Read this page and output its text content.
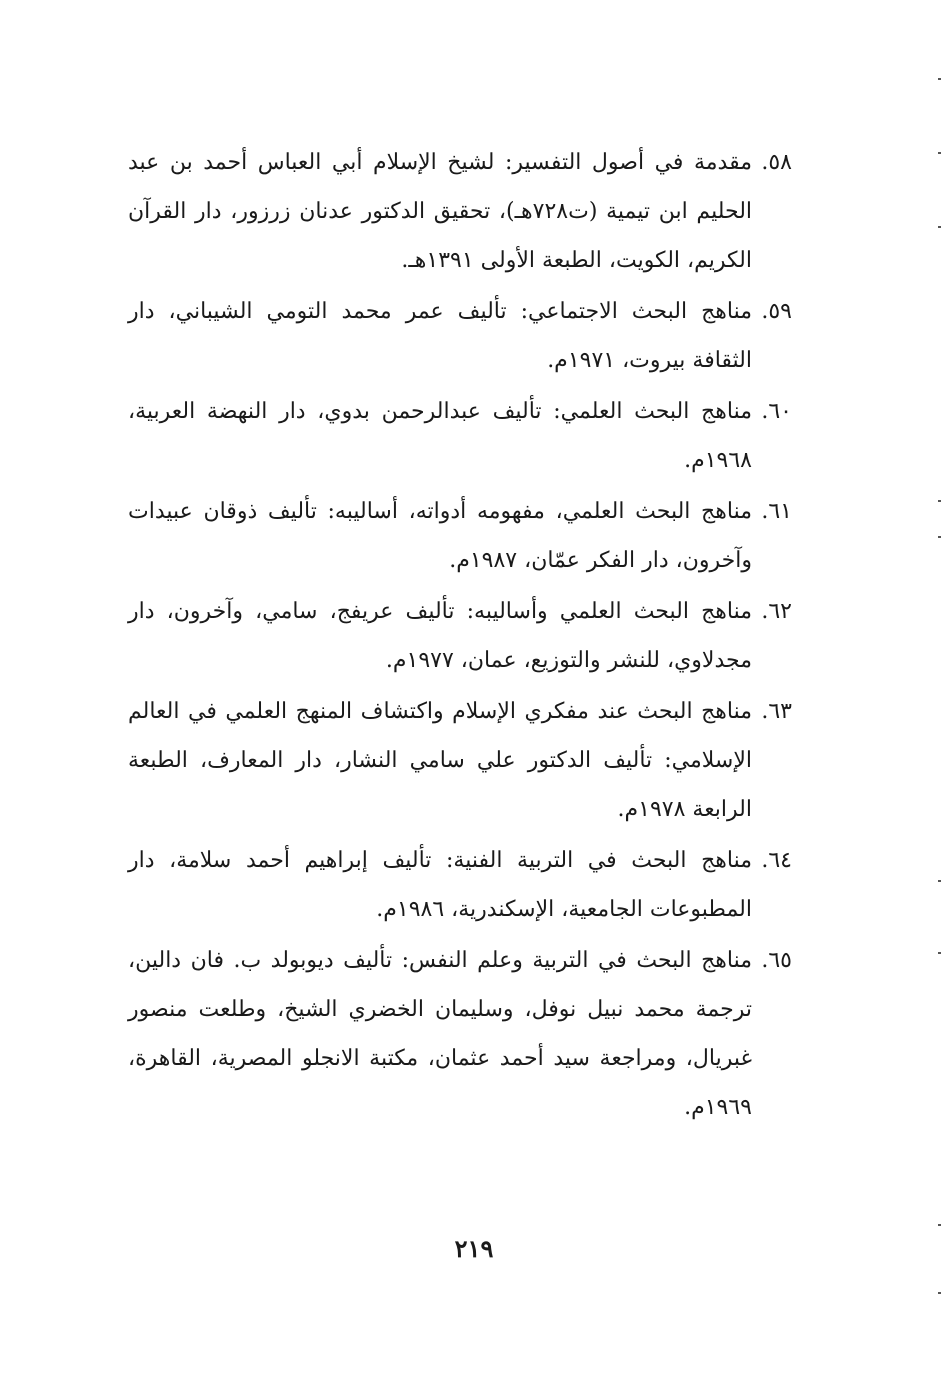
٥٨.
مقدمة في أصول التفسير: لشيخ الإسلام أبي العباس أحمد بن عبد الحليم ابن تيمية (ت٧٢٨هـ)، تحقيق الدكتور عدنان زرزور، دار القرآن الكريم، الكويت، الطبعة الأولى ١٣٩١هـ.
٥٩.
مناهج البحث الاجتماعي: تأليف عمر محمد التومي الشيباني، دار الثقافة بيروت، ١٩٧١م.
٦٠.
مناهج البحث العلمي: تأليف عبدالرحمن بدوي، دار النهضة العربية، ١٩٦٨م.
٦١.
مناهج البحث العلمي، مفهومه أدواته، أساليبه: تأليف ذوقان عبيدات وآخرون، دار الفكر عمّان، ١٩٨٧م.
٦٢.
مناهج البحث العلمي وأساليبه: تأليف عريفج، سامي، وآخرون، دار مجدلاوي، للنشر والتوزيع، عمان، ١٩٧٧م.
٦٣.
مناهج البحث عند مفكري الإسلام واكتشاف المنهج العلمي في العالم الإسلامي: تأليف الدكتور علي سامي النشار، دار المعارف، الطبعة الرابعة ١٩٧٨م.
٦٤.
مناهج البحث في التربية الفنية: تأليف إبراهيم أحمد سلامة، دار المطبوعات الجامعية، الإسكندرية، ١٩٨٦م.
٦٥.
مناهج البحث في التربية وعلم النفس: تأليف ديوبولد ب. فان دالين، ترجمة محمد نبيل نوفل، وسليمان الخضري الشيخ، وطلعت منصور غبريال، ومراجعة سيد أحمد عثمان، مكتبة الانجلو المصرية، القاهرة، ١٩٦٩م.
٢١٩
